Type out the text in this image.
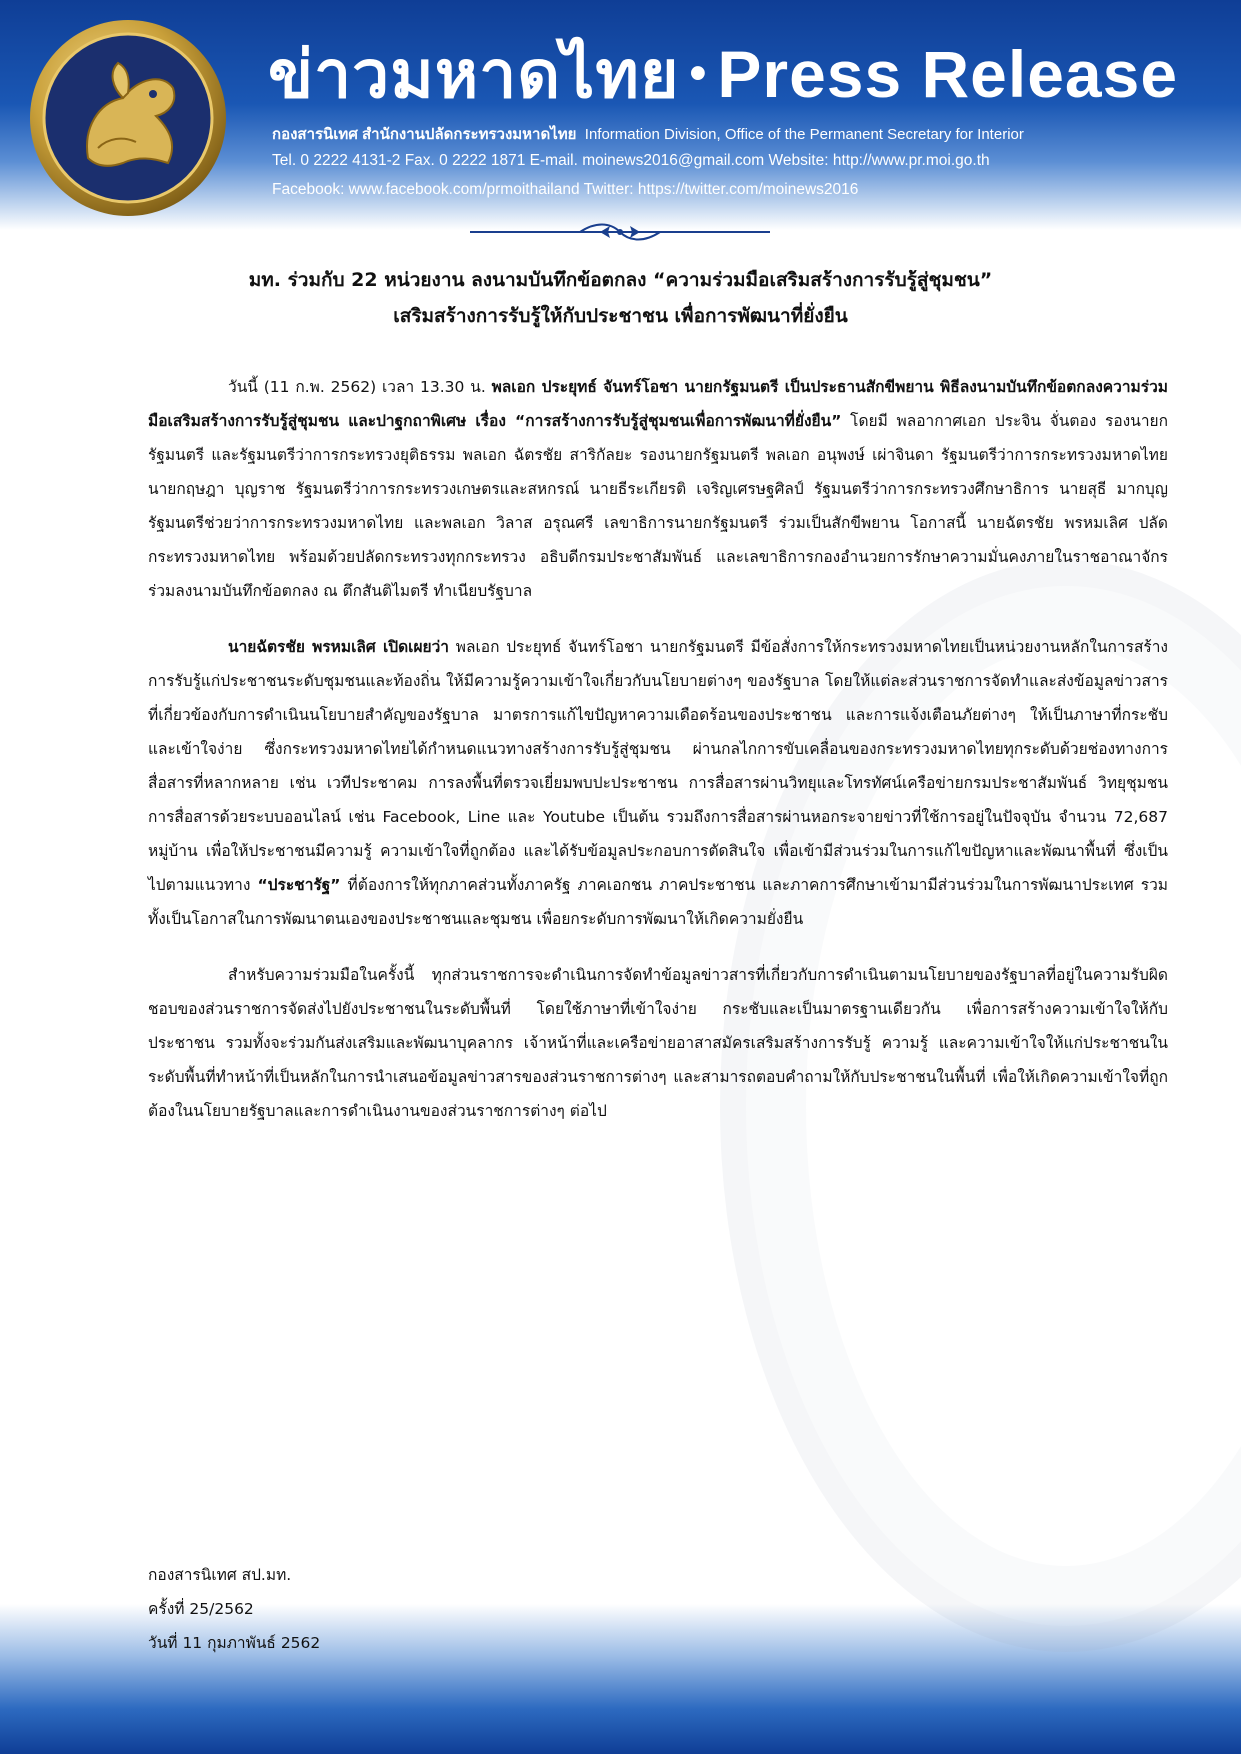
ข่าวมหาดไทย • Press Release
กองสารนิเทศ สำนักงานปลัดกระทรวงมหาดไทย Information Division, Office of the Permanent Secretary for Interior
Tel. 0 2222 4131-2 Fax. 0 2222 1871 E-mail. moinews2016@gmail.com Website: http://www.pr.moi.go.th
Facebook: www.facebook.com/prmoithailand Twitter: https://twitter.com/moinews2016
มท. ร่วมกับ 22 หน่วยงาน ลงนามบันทึกข้อตกลง “ความร่วมมือเสริมสร้างการรับรู้สู่ชุมชน”
เสริมสร้างการรับรู้ให้กับประชาชน เพื่อการพัฒนาที่ยั่งยืน

วันนี้ (11 ก.พ. 2562) เวลา 13.30 น. พลเอก ประยุทธ์ จันทร์โอชา นายกรัฐมนตรี เป็นประธานสักขีพยาน พิธีลงนามบันทึกข้อตกลงความร่วมมือเสริมสร้างการรับรู้สู่ชุมชน และปาฐกถาพิเศษ เรื่อง “การสร้างการรับรู้สู่ชุมชนเพื่อการพัฒนาที่ยั่งยืน” โดยมี พลอากาศเอก ประจิน จั่นตอง รองนายกรัฐมนตรี และรัฐมนตรีว่าการกระทรวงยุติธรรม พลเอก ฉัตรชัย สาริกัลยะ รองนายกรัฐมนตรี พลเอก อนุพงษ์ เผ่าจินดา รัฐมนตรีว่าการกระทรวงมหาดไทย นายกฤษฎา บุญราช รัฐมนตรีว่าการกระทรวงเกษตรและสหกรณ์ นายธีระเกียรติ เจริญเศรษฐศิลป์ รัฐมนตรีว่าการกระทรวงศึกษาธิการ นายสุธี มากบุญ รัฐมนตรีช่วยว่าการกระทรวงมหาดไทย และพลเอก วิลาส อรุณศรี เลขาธิการนายกรัฐมนตรี ร่วมเป็นสักขีพยาน โอกาสนี้ นายฉัตรชัย พรหมเลิศ ปลัดกระทรวงมหาดไทย พร้อมด้วยปลัดกระทรวงทุกกระทรวง อธิบดีกรมประชาสัมพันธ์ และเลขาธิการกองอำนวยการรักษาความมั่นคงภายในราชอาณาจักร ร่วมลงนามบันทึกข้อตกลง ณ ตึกสันติไมตรี ทำเนียบรัฐบาล

นายฉัตรชัย พรหมเลิศ เปิดเผยว่า พลเอก ประยุทธ์ จันทร์โอชา นายกรัฐมนตรี มีข้อสั่งการให้กระทรวงมหาดไทยเป็นหน่วยงานหลักในการสร้างการรับรู้แก่ประชาชนระดับชุมชนและท้องถิ่น ให้มีความรู้ความเข้าใจเกี่ยวกับนโยบายต่างๆ ของรัฐบาล โดยให้แต่ละส่วนราชการจัดทำและส่งข้อมูลข่าวสารที่เกี่ยวข้องกับการดำเนินนโยบายสำคัญของรัฐบาล มาตรการแก้ไขปัญหาความเดือดร้อนของประชาชน และการแจ้งเตือนภัยต่างๆ ให้เป็นภาษาที่กระชับและเข้าใจง่าย ซึ่งกระทรวงมหาดไทยได้กำหนดแนวทางสร้างการรับรู้สู่ชุมชน ผ่านกลไกการขับเคลื่อนของกระทรวงมหาดไทยทุกระดับด้วยช่องทางการสื่อสารที่หลากหลาย เช่น เวทีประชาคม การลงพื้นที่ตรวจเยี่ยมพบปะประชาชน การสื่อสารผ่านวิทยุและโทรทัศน์เครือข่ายกรมประชาสัมพันธ์ วิทยุชุมชน การสื่อสารด้วยระบบออนไลน์ เช่น Facebook, Line และ Youtube เป็นต้น รวมถึงการสื่อสารผ่านหอกระจายข่าวที่ใช้การอยู่ในปัจจุบัน จำนวน 72,687 หมู่บ้าน เพื่อให้ประชาชนมีความรู้ ความเข้าใจที่ถูกต้อง และได้รับข้อมูลประกอบการตัดสินใจ เพื่อเข้ามีส่วนร่วมในการแก้ไขปัญหาและพัฒนาพื้นที่ ซึ่งเป็นไปตามแนวทาง “ประชารัฐ” ที่ต้องการให้ทุกภาคส่วนทั้งภาครัฐ ภาคเอกชน ภาคประชาชน และภาคการศึกษาเข้ามามีส่วนร่วมในการพัฒนาประเทศ รวมทั้งเป็นโอกาสในการพัฒนาตนเองของประชาชนและชุมชน เพื่อยกระดับการพัฒนาให้เกิดความยั่งยืน

สำหรับความร่วมมือในครั้งนี้ ทุกส่วนราชการจะดำเนินการจัดทำข้อมูลข่าวสารที่เกี่ยวกับการดำเนินตามนโยบายของรัฐบาลที่อยู่ในความรับผิดชอบของส่วนราชการจัดส่งไปยังประชาชนในระดับพื้นที่ โดยใช้ภาษาที่เข้าใจง่าย กระชับและเป็นมาตรฐานเดียวกัน เพื่อการสร้างความเข้าใจให้กับประชาชน รวมทั้งจะร่วมกันส่งเสริมและพัฒนาบุคลากร เจ้าหน้าที่และเครือข่ายอาสาสมัครเสริมสร้างการรับรู้ ความรู้ และความเข้าใจให้แก่ประชาชนในระดับพื้นที่ทำหน้าที่เป็นหลักในการนำเสนอข้อมูลข่าวสารของส่วนราชการต่างๆ และสามารถตอบคำถามให้กับประชาชนในพื้นที่ เพื่อให้เกิดความเข้าใจที่ถูกต้องในนโยบายรัฐบาลและการดำเนินงานของส่วนราชการต่างๆ ต่อไป

กองสารนิเทศ สป.มท.
ครั้งที่ 25/2562
วันที่ 11 กุมภาพันธ์ 2562
